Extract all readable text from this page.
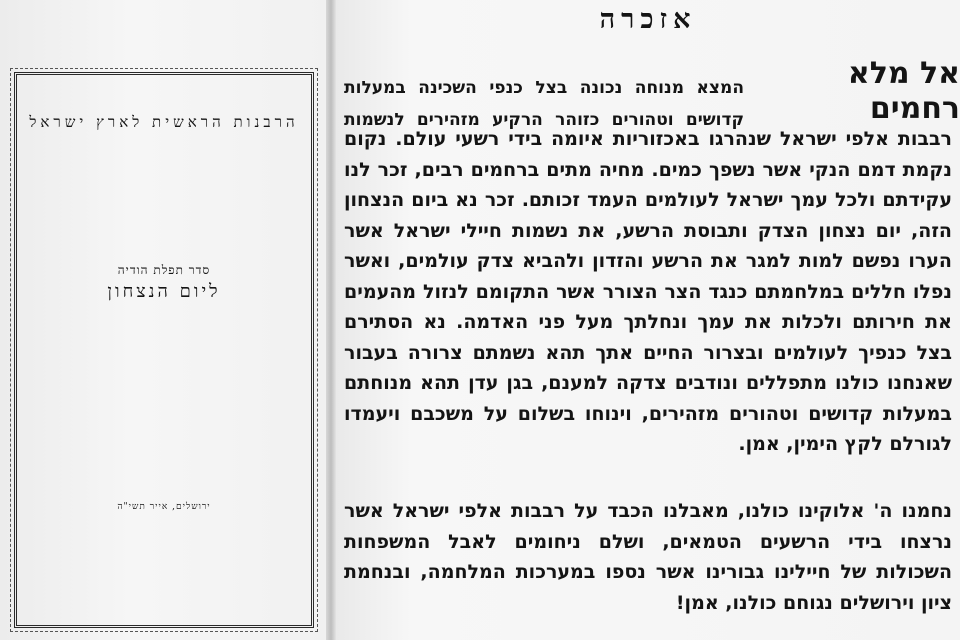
הרבנות הראשית לארץ ישראל
סדר תפלת הודיה
ליום הנצחון
ירושלים, אייר תשי"ה
אזכרה
אל מלא רחמים
המצא מנוחה נכונה בצל כנפי השכינה במעלות קדושים וטהורים כזוהר הרקיע מזהירים לנשמות
רבבות אלפי ישראל שנהרגו באכזוריות איומה בידי רשעי עולם. נקום נקמת דמם הנקי אשר נשפך כמים. מחיה מתים ברחמים רבים, זכר לנו עקידתם ולכל עמך ישראל לעולמים העמד זכותם. זכר נא ביום הנצחון הזה, יום נצחון הצדק ותבוסת הרשע, את נשמות חיילי ישראל אשר הערו נפשם למות למגר את הרשע והזדון ולהביא צדק עולמים, ואשר נפלו חללים במלחמתם כנגד הצר הצורר אשר התקומם לנזול מהעמים את חירותם ולכלות את עמך ונחלתך מעל פני האדמה. נא הסתירם בצל כנפיך לעולמים ובצרור החיים אתך תהא נשמתם צרורה בעבור שאנחנו כולנו מתפללים ונודבים צדקה למענם, בגן עדן תהא מנוחתם במעלות קדושים וטהורים מזהירים, וינוחו בשלום על משכבם ויעמדו לגורלם לקץ הימין, אמן.
נחמנו ה' אלוקינו כולנו, מאבלנו הכבד על רבבות אלפי ישראל אשר נרצחו בידי הרשעים הטמאים, ושלם ניחומים לאבל המשפחות השכולות של חיילינו גבורינו אשר נספו במערכות המלחמה, ובנחמת ציון וירושלים נגוחם כולנו, אמן!
